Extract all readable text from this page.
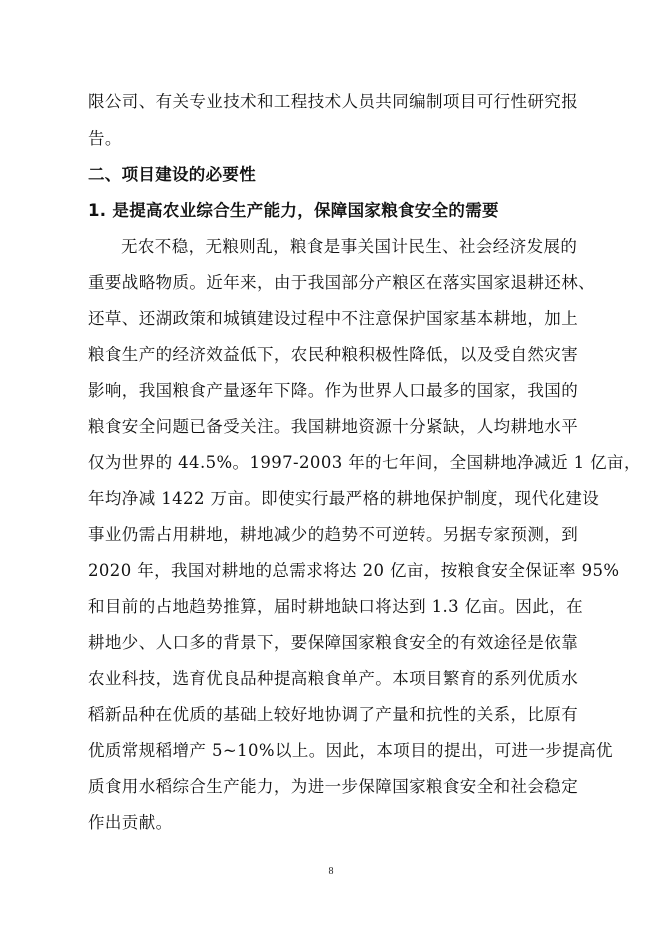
限公司、有关专业技术和工程技术人员共同编制项目可行性研究报
告。
二、项目建设的必要性
1. 是提高农业综合生产能力，保障国家粮食安全的需要
无农不稳，无粮则乱，粮食是事关国计民生、社会经济发展的
重要战略物质。近年来，由于我国部分产粮区在落实国家退耕还林、
还草、还湖政策和城镇建设过程中不注意保护国家基本耕地，加上
粮食生产的经济效益低下，农民种粮积极性降低，以及受自然灾害
影响，我国粮食产量逐年下降。作为世界人口最多的国家，我国的
粮食安全问题已备受关注。我国耕地资源十分紧缺，人均耕地水平
仅为世界的 44.5%。1997-2003 年的七年间，全国耕地净减近 1 亿亩，
年均净减 1422 万亩。即使实行最严格的耕地保护制度，现代化建设
事业仍需占用耕地，耕地减少的趋势不可逆转。另据专家预测，到
2020 年，我国对耕地的总需求将达 20 亿亩，按粮食安全保证率 95%
和目前的占地趋势推算，届时耕地缺口将达到 1.3 亿亩。因此，在
耕地少、人口多的背景下，要保障国家粮食安全的有效途径是依靠
农业科技，选育优良品种提高粮食单产。本项目繁育的系列优质水
稻新品种在优质的基础上较好地协调了产量和抗性的关系，比原有
优质常规稻增产 5~10%以上。因此，本项目的提出，可进一步提高优
质食用水稻综合生产能力，为进一步保障国家粮食安全和社会稳定
作出贡献。
8
